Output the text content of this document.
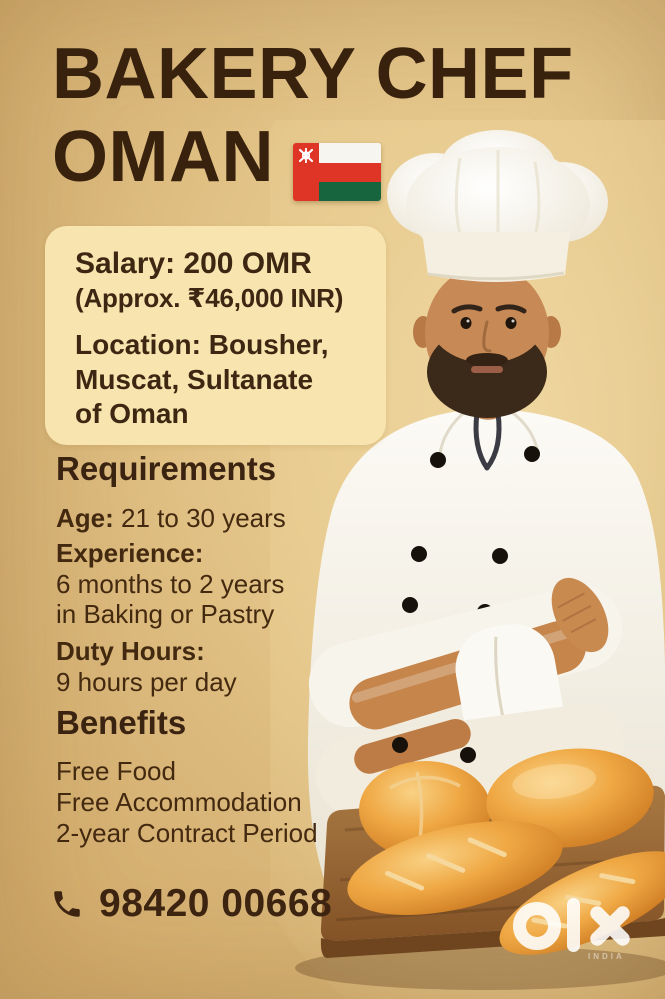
BAKERY CHEF
OMAN
Salary: 200 OMR
(Approx. ₹46,000 INR)
Location: Bousher,
Muscat, Sultanate
of Oman
Requirements
Age: 21 to 30 years
Experience:
6 months to 2 years
in Baking or Pastry
Duty Hours:
9 hours per day
Benefits
Free Food
Free Accommodation
2-year Contract Period
98420 00668
INDIA
